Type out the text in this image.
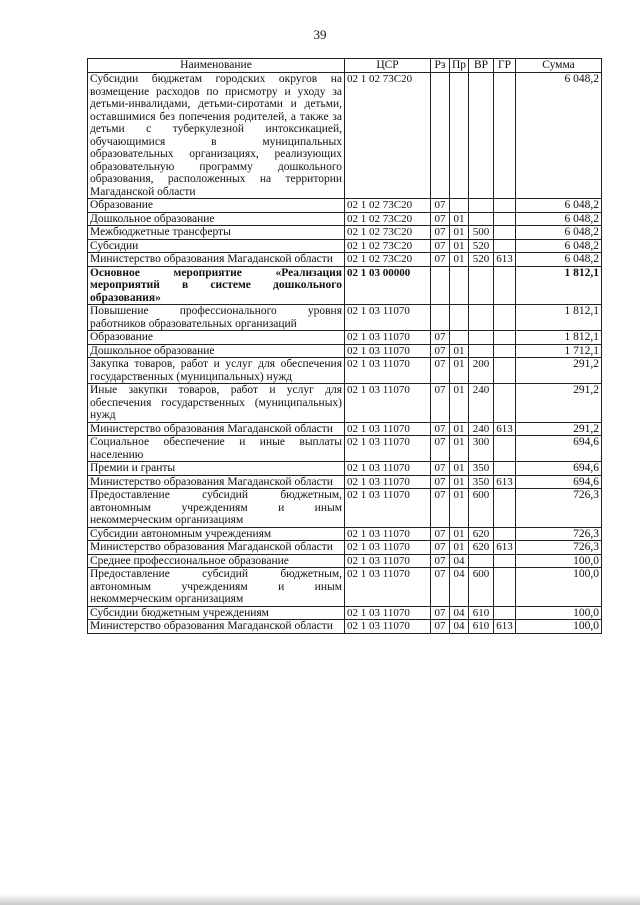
39
Наименование	ЦСР	Рз	Пр	ВР	ГР	Сумма
Субсидии бюджетам городских округов на возмещение расходов по присмотру и уходу за детьми-инвалидами, детьми-сиротами и детьми, оставшимися без попечения родителей, а также за детьми с туберкулезной интоксикацией, обучающимися в муниципальных образовательных организациях, реализующих образовательную программу дошкольного образования, расположенных на территории Магаданской области	02 1 02 73С20					6 048,2
Образование	02 1 02 73С20	07				6 048,2
Дошкольное образование	02 1 02 73С20	07	01			6 048,2
Межбюджетные трансферты	02 1 02 73С20	07	01	500		6 048,2
Субсидии	02 1 02 73С20	07	01	520		6 048,2
Министерство образования Магаданской области	02 1 02 73С20	07	01	520	613	6 048,2
Основное мероприятие «Реализация мероприятий в системе дошкольного образования»	02 1 03 00000					1 812,1
Повышение профессионального уровня работников образовательных организаций	02 1 03 11070					1 812,1
Образование	02 1 03 11070	07				1 812,1
Дошкольное образование	02 1 03 11070	07	01			1 712,1
Закупка товаров, работ и услуг для обеспечения государственных (муниципальных) нужд	02 1 03 11070	07	01	200		291,2
Иные закупки товаров, работ и услуг для обеспечения государственных (муниципальных) нужд	02 1 03 11070	07	01	240		291,2
Министерство образования Магаданской области	02 1 03 11070	07	01	240	613	291,2
Социальное обеспечение и иные выплаты населению	02 1 03 11070	07	01	300		694,6
Премии и гранты	02 1 03 11070	07	01	350		694,6
Министерство образования Магаданской области	02 1 03 11070	07	01	350	613	694,6
Предоставление субсидий бюджетным, автономным учреждениям и иным некоммерческим организациям	02 1 03 11070	07	01	600		726,3
Субсидии автономным учреждениям	02 1 03 11070	07	01	620		726,3
Министерство образования Магаданской области	02 1 03 11070	07	01	620	613	726,3
Среднее профессиональное образование	02 1 03 11070	07	04			100,0
Предоставление субсидий бюджетным, автономным учреждениям и иным некоммерческим организациям	02 1 03 11070	07	04	600		100,0
Субсидии бюджетным учреждениям	02 1 03 11070	07	04	610		100,0
Министерство образования Магаданской области	02 1 03 11070	07	04	610	613	100,0
